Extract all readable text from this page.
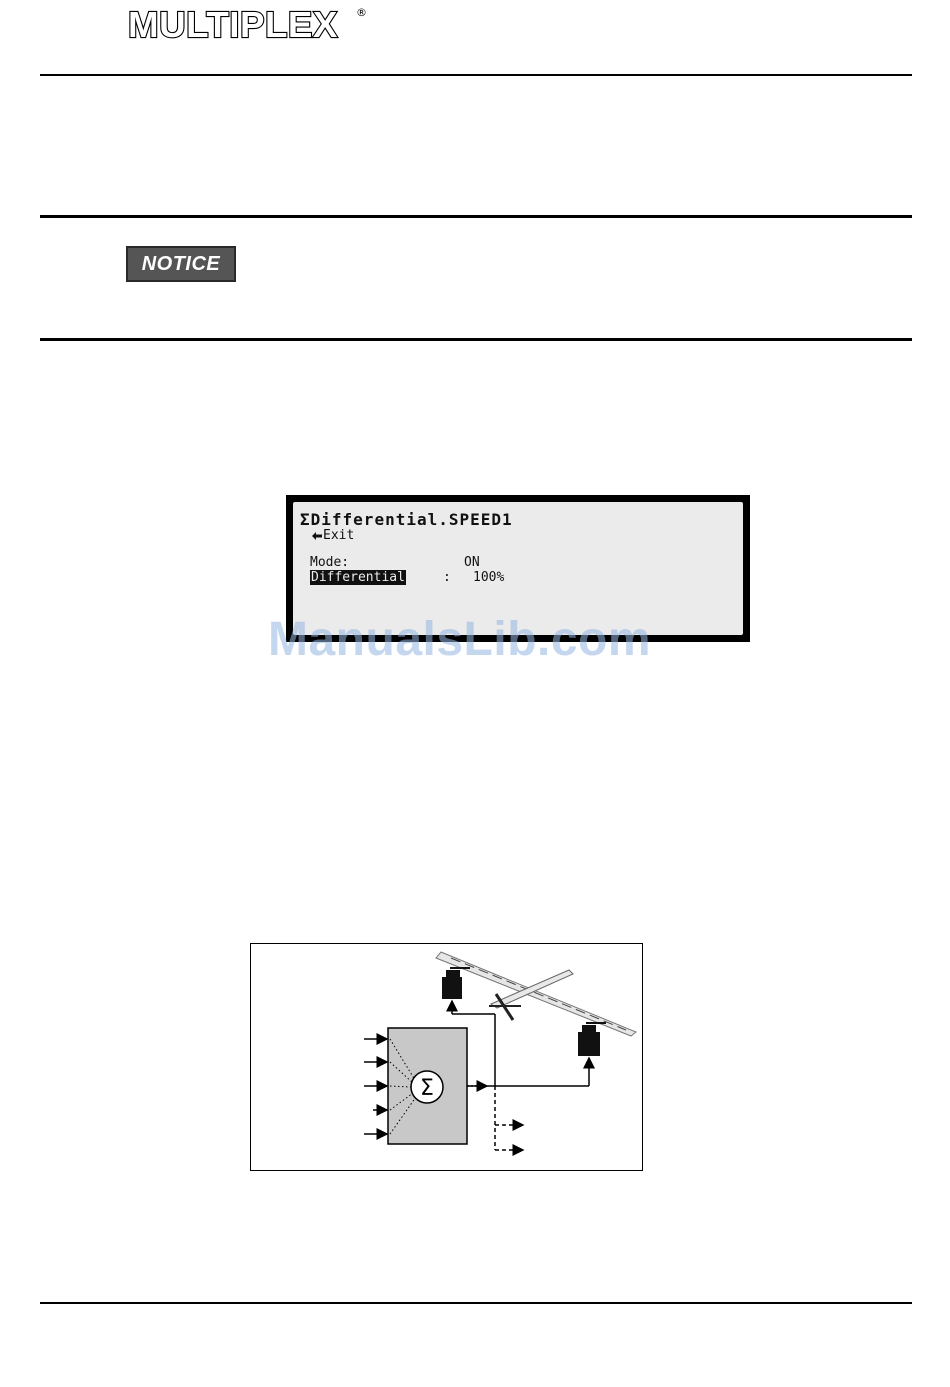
MULTIPLEX ®
NOTICE
ΣDifferential.SPEED1
Exit
Mode:	ON
Differential	: 100%
ManualsLib.com
Σ
